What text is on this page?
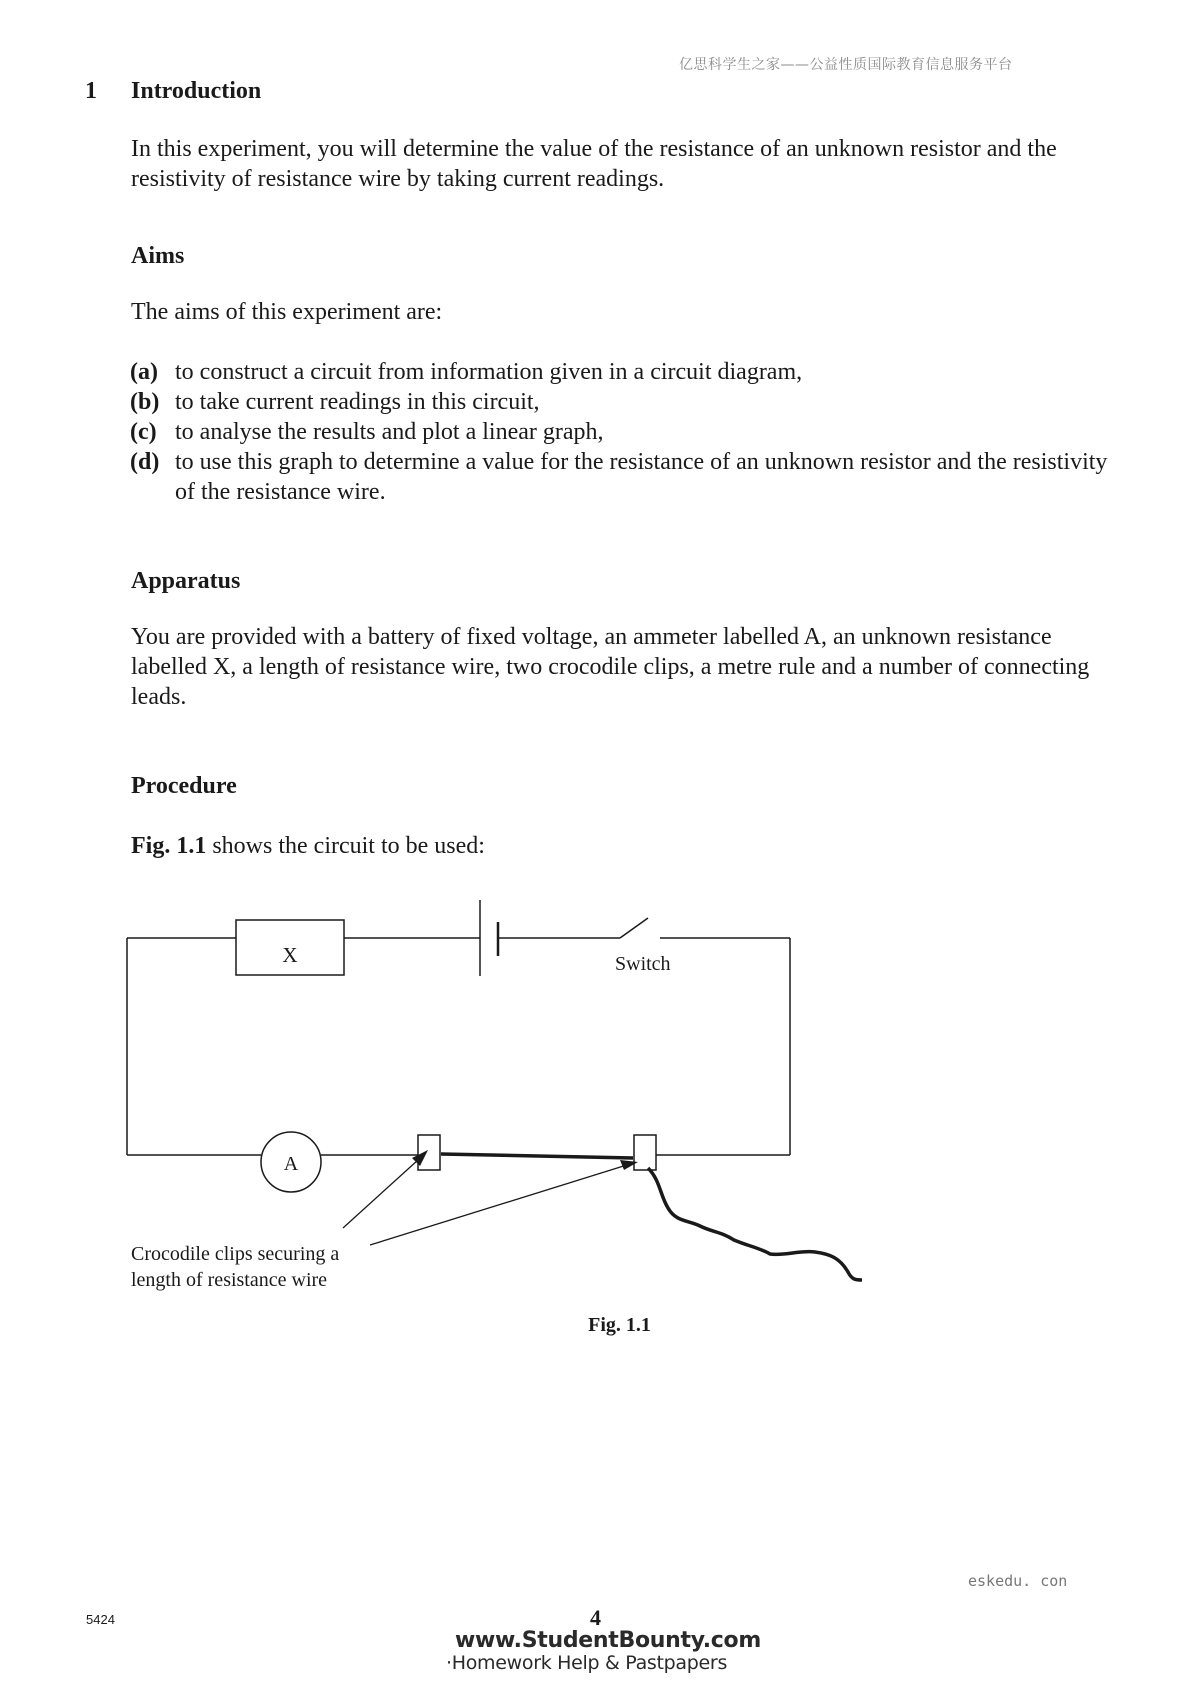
亿思科学生之家——公益性质国际教育信息服务平台
1 Introduction
In this experiment, you will determine the value of the resistance of an unknown resistor and the resistivity of resistance wire by taking current readings.
Aims
The aims of this experiment are:
(a) to construct a circuit from information given in a circuit diagram,
(b) to take current readings in this circuit,
(c) to analyse the results and plot a linear graph,
(d) to use this graph to determine a value for the resistance of an unknown resistor and the resistivity of the resistance wire.
Apparatus
You are provided with a battery of fixed voltage, an ammeter labelled A, an unknown resistance labelled X, a length of resistance wire, two crocodile clips, a metre rule and a number of connecting leads.
Procedure
Fig. 1.1 shows the circuit to be used:
X	Switch
A
Crocodile clips securing a
length of resistance wire
Fig. 1.1
eskedu. con
5424	4
www.StudentBounty.com
·Homework Help & Pastpapers
